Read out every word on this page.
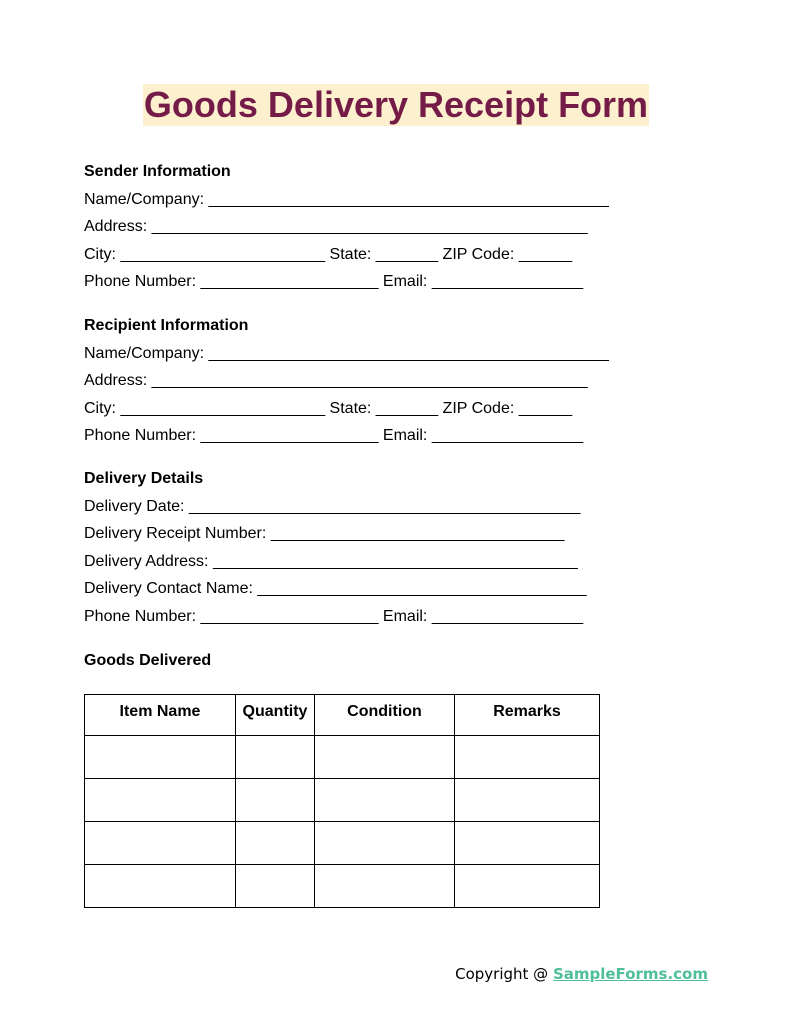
Goods Delivery Receipt Form
Sender Information
Name/Company: _____________________________________________
Address: _________________________________________________
City: _______________________ State: _______ ZIP Code: ______
Phone Number: ____________________ Email: _________________
Recipient Information
Name/Company: _____________________________________________
Address: _________________________________________________
City: _______________________ State: _______ ZIP Code: ______
Phone Number: ____________________ Email: _________________
Delivery Details
Delivery Date: ____________________________________________
Delivery Receipt Number: _________________________________
Delivery Address: _________________________________________
Delivery Contact Name: _____________________________________
Phone Number: ____________________ Email: _________________
Goods Delivered
Item Name	Quantity	Condition	Remarks

Copyright @ SampleForms.com
